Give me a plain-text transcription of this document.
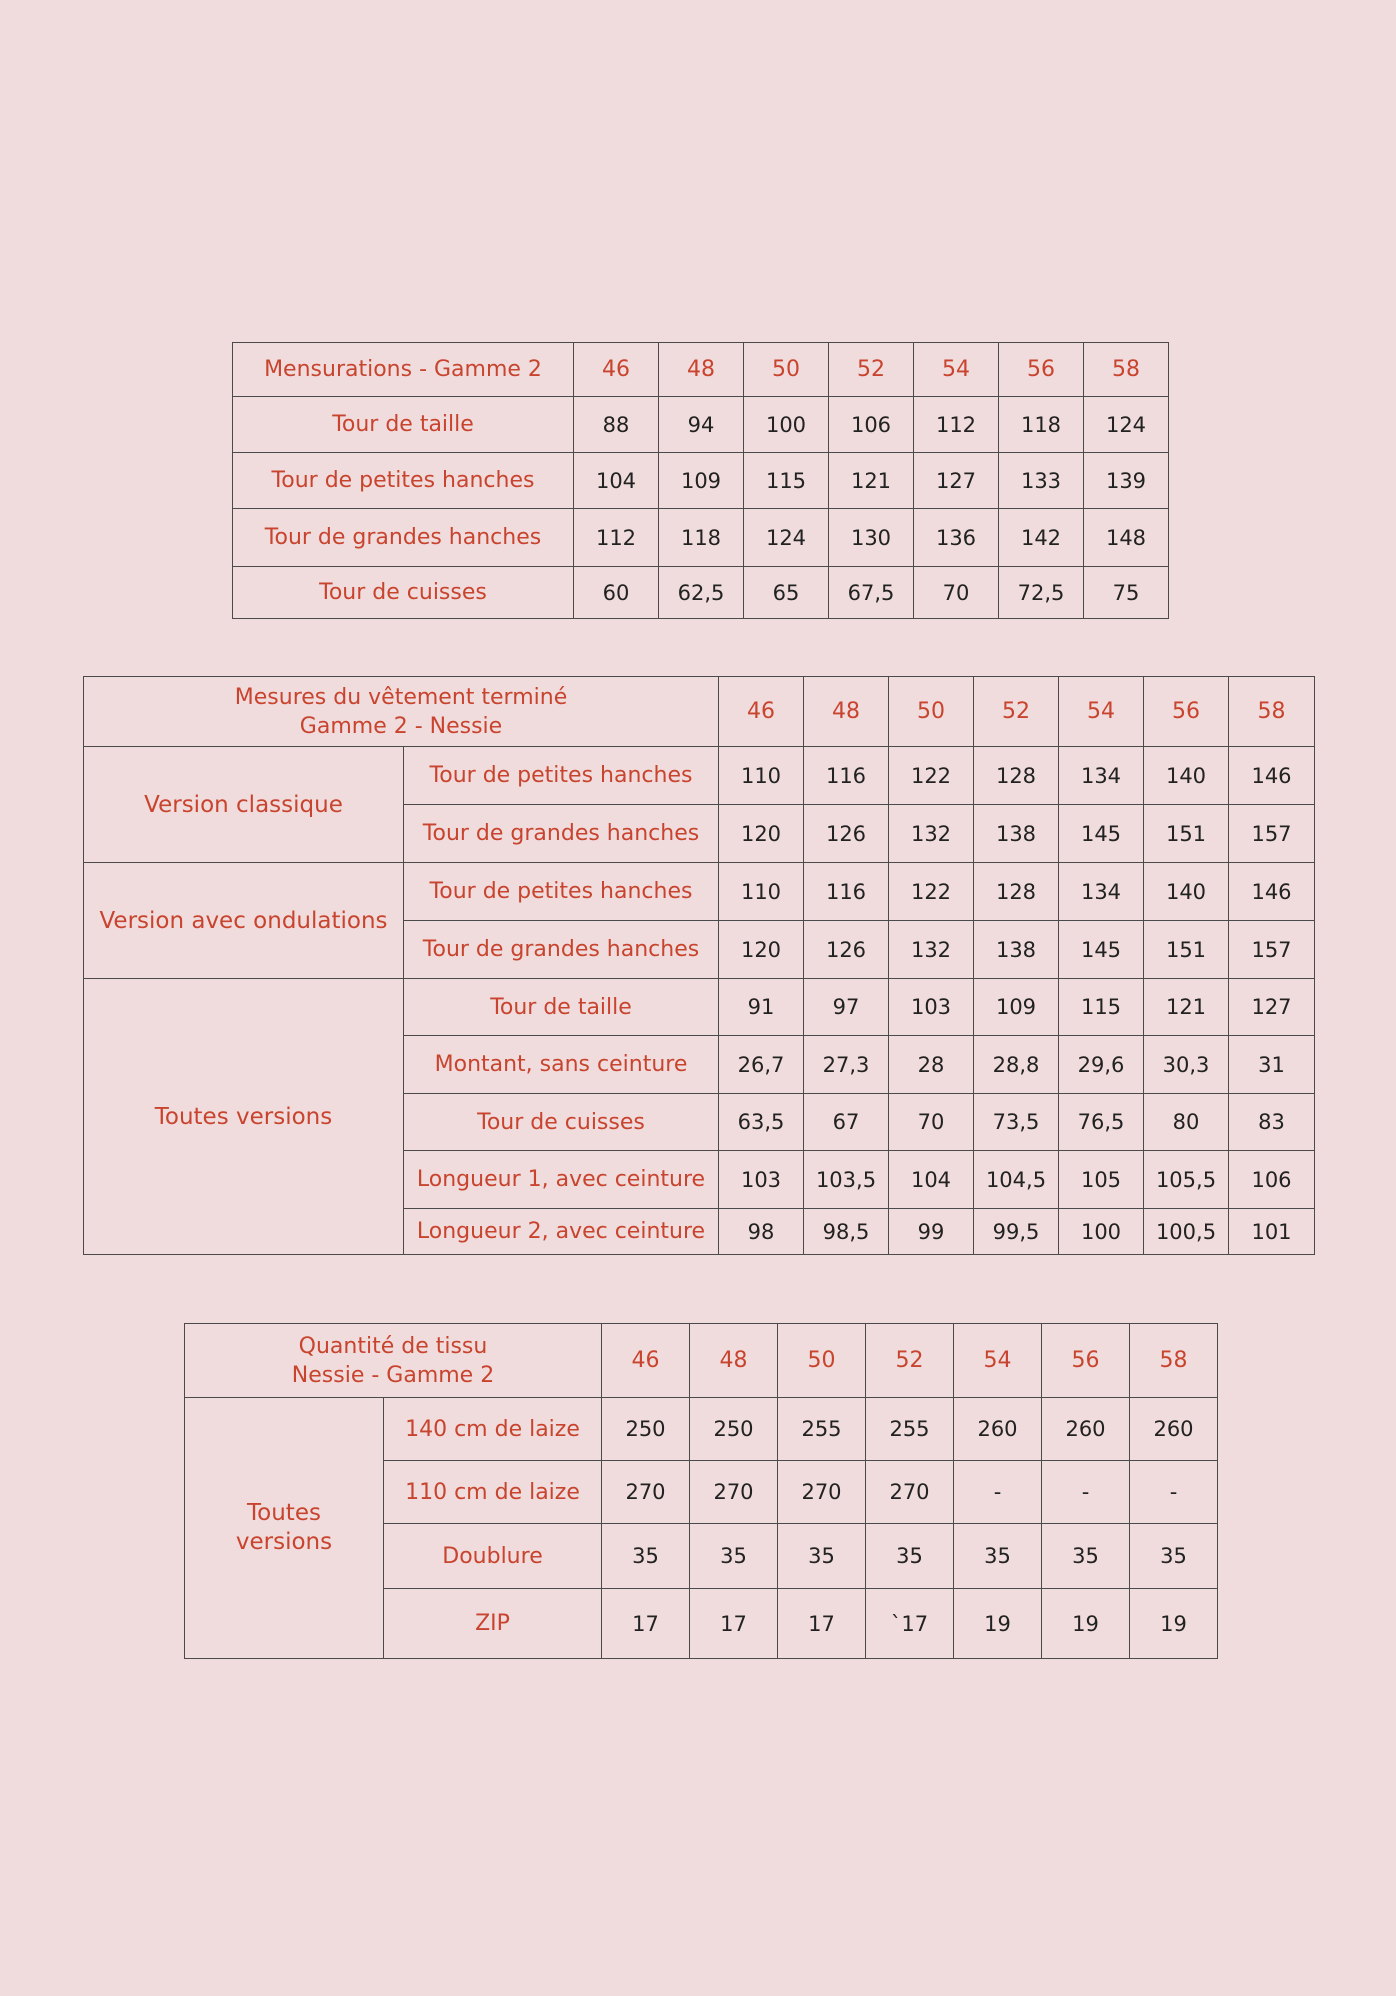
Mensurations - Gamme 2	46	48	50	52	54	56	58
Tour de taille	88	94	100	106	112	118	124
Tour de petites hanches	104	109	115	121	127	133	139
Tour de grandes hanches	112	118	124	130	136	142	148
Tour de cuisses	60	62,5	65	67,5	70	72,5	75
Mesures du vêtement terminé
Gamme 2 - Nessie		46	48	50	52	54	56	58
Version classique	Tour de petites hanches	110	116	122	128	134	140	146
	Tour de grandes hanches	120	126	132	138	145	151	157
Version avec ondulations	Tour de petites hanches	110	116	122	128	134	140	146
	Tour de grandes hanches	120	126	132	138	145	151	157
Toutes versions	Tour de taille	91	97	103	109	115	121	127
	Montant, sans ceinture	26,7	27,3	28	28,8	29,6	30,3	31
	Tour de cuisses	63,5	67	70	73,5	76,5	80	83
	Longueur 1, avec ceinture	103	103,5	104	104,5	105	105,5	106
	Longueur 2, avec ceinture	98	98,5	99	99,5	100	100,5	101
Quantité de tissu
Nessie - Gamme 2		46	48	50	52	54	56	58

Toutes
versions	140 cm de laize	250	250	255	255	260	260	260
	110 cm de laize	270	270	270	270	-	-	-
	Doublure	35	35	35	35	35	35	35
	ZIP	17	17	17	`17	19	19	19
